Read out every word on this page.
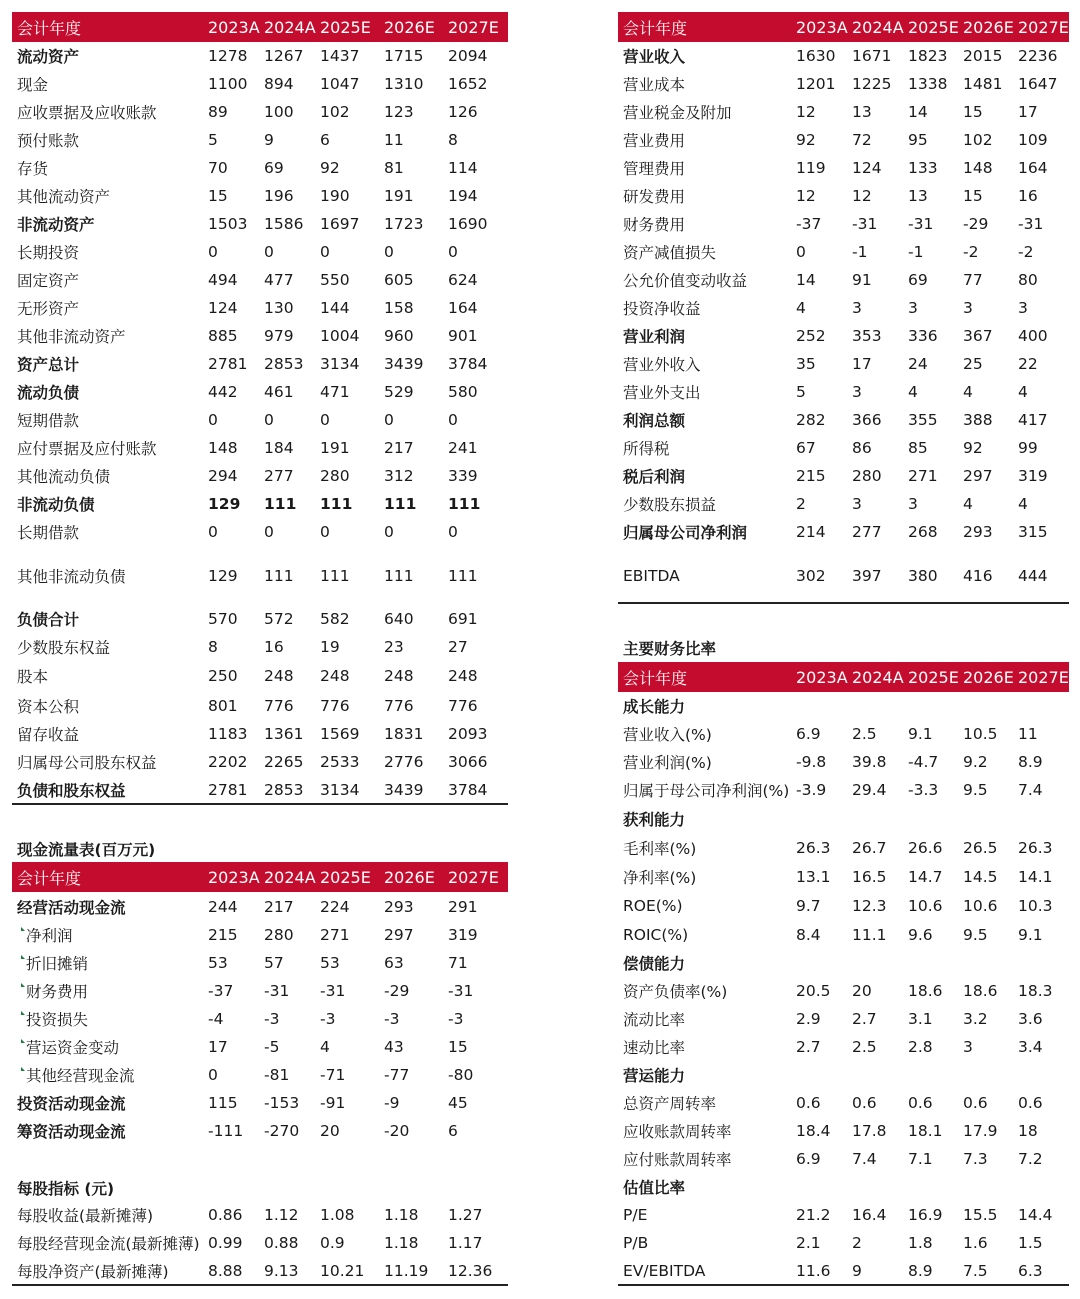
会计年度	2023A 2024A 2025E 2026E 2027E
流动资产	1278 1267 1437 1715 2094
现金	1100 894 1047 1310 1652
应收票据及应收账款	89 100 102 123 126
预付账款	5	9	6	11	8
存货	70 69 92	81	114
其他流动资产	15 196 190 191 194
非流动资产	1503 1586 1697 1723 1690
长期投资	0	0	0	0	0
固定资产	494 477 550 605 624
无形资产	124 130 144 158 164
其他非流动资产	885 979 1004 960 901
资产总计	2781 2853 3134 3439 3784
流动负债	442 461 471 529 580
短期借款	0	0	0	0	0
应付票据及应付账款	148 184 191 217 241
其他流动负债	294 277 280 312 339
非流动负债	129 111 111 111 111
长期借款	0	0	0	0	0
其他非流动负债	129 111 111 111 111
负债合计	570 572 582 640 691
少数股东权益	8	16 19	23	27
股本	250 248 248 248 248
资本公积	801 776 776 776 776
留存收益	1183 1361 1569 1831 2093
归属母公司股东权益	2202 2265 2533 2776 3066
负债和股东权益	2781 2853 3134 3439 3784
现金流量表(百万元)
会计年度	2023A 2024A 2025E 2026E 2027E
经营活动现金流	244 217 224 293 291
净利润	215 280 271 297 319
折旧摊销	53 57 53	63	71
财务费用	-37 -31 -31 -29 -31
投资损失	-4	-3	-3	-3	-3
营运资金变动	17 -5	4	43	15
其他经营现金流	0	-81 -71 -77 -80
投资活动现金流	115 -153 -91 -9	45
筹资活动现金流	-111 -270 20	-20 6
每股指标 (元)
每股收益(最新摊薄)	0.86 1.12 1.08 1.18 1.27
每股经营现金流(最新摊薄) 0.99 0.88 0.9	1.18 1.17
每股净资产(最新摊薄)	8.88 9.13 10.21 11.19 12.36
会计年度	2023A 2024A 2025E 2026E 2027E
营业收入	1630 1671 1823 2015 2236
营业成本	1201 1225 1338 1481 1647
营业税金及附加	12 13 14 15 17
营业费用	92 72 95 102 109
管理费用	119 124 133 148 164
研发费用	12 12 13 15 16
财务费用	-37 -31 -31 -29 -31
资产减值损失	0	-1	-1	-2	-2
公允价值变动收益	14 91 69 77 80
投资净收益	4	3	3	3	3
营业利润	252 353 336 367 400
营业外收入	35 17 24 25 22
营业外支出	5	3	4	4	4
利润总额	282 366 355 388 417
所得税	67 86 85 92 99
税后利润	215 280 271 297 319
少数股东损益	2	3	3	4	4
归属母公司净利润	214 277 268 293 315
EBITDA	302 397 380 416 444
主要财务比率
会计年度	2023A 2024A 2025E 2026E 2027E
成长能力
营业收入(%)	6.9 2.5 9.1 10.5 11
营业利润(%)	-9.8 39.8 -4.7 9.2 8.9
归属于母公司净利润(%) -3.9 29.4 -3.3 9.5 7.4
获利能力
毛利率(%)	26.3 26.7 26.6 26.5 26.3
净利率(%)	13.1 16.5 14.7 14.5 14.1
ROE(%)	9.7 12.3 10.6 10.6 10.3
ROIC(%)	8.4 11.1 9.6 9.5 9.1
偿债能力
资产负债率(%)	20.5 20 18.6 18.6 18.3
流动比率	2.9 2.7 3.1 3.2 3.6
速动比率	2.7 2.5 2.8 3	3.4
营运能力
总资产周转率	0.6 0.6 0.6 0.6 0.6
应收账款周转率	18.4 17.8 18.1 17.9 18
应付账款周转率	6.9 7.4 7.1 7.3 7.2
估值比率
P/E	21.2 16.4 16.9 15.5 14.4
P/B	2.1 2	1.8 1.6 1.5
EV/EBITDA	11.6 9	8.9 7.5 6.3
